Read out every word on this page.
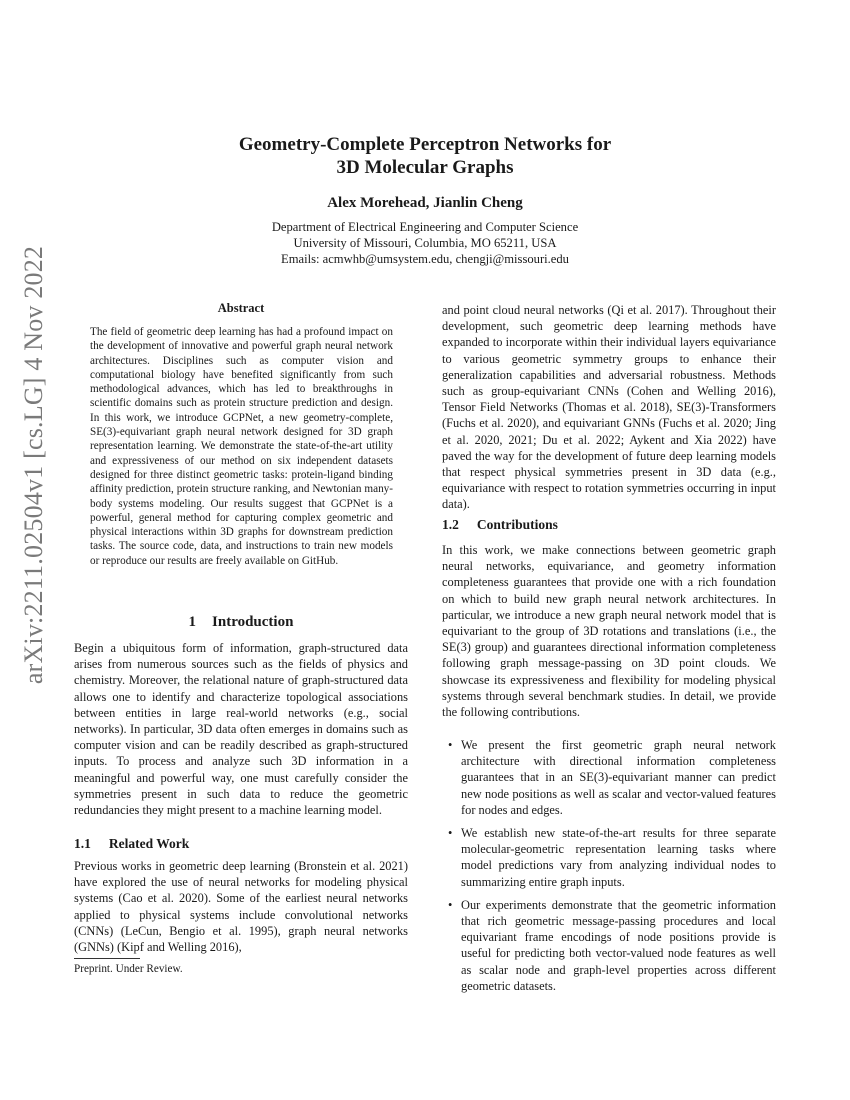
arXiv:2211.02504v1 [cs.LG] 4 Nov 2022
Geometry-Complete Perceptron Networks for
3D Molecular Graphs
Alex Morehead, Jianlin Cheng
Department of Electrical Engineering and Computer Science
University of Missouri, Columbia, MO 65211, USA
Emails: acmwhb@umsystem.edu, chengji@missouri.edu
Abstract
The field of geometric deep learning has had a profound impact on the development of innovative and powerful graph neural network architectures. Disciplines such as computer vision and computational biology have benefited significantly from such methodological advances, which has led to breakthroughs in scientific domains such as protein structure prediction and design. In this work, we introduce GCPNet, a new geometry-complete, SE(3)-equivariant graph neural network designed for 3D graph representation learning. We demonstrate the state-of-the-art utility and expressiveness of our method on six independent datasets designed for three distinct geometric tasks: protein-ligand binding affinity prediction, protein structure ranking, and Newtonian many-body systems modeling. Our results suggest that GCPNet is a powerful, general method for capturing complex geometric and physical interactions within 3D graphs for downstream prediction tasks. The source code, data, and instructions to train new models or reproduce our results are freely available on GitHub.
1 Introduction
Begin a ubiquitous form of information, graph-structured data arises from numerous sources such as the fields of physics and chemistry. Moreover, the relational nature of graph-structured data allows one to identify and characterize topological associations between entities in large real-world networks (e.g., social networks). In particular, 3D data often emerges in domains such as computer vision and can be readily described as graph-structured inputs. To process and analyze such 3D information in a meaningful and powerful way, one must carefully consider the symmetries present in such data to reduce the geometric redundancies they might present to a machine learning model.
1.1 Related Work
Previous works in geometric deep learning (Bronstein et al. 2021) have explored the use of neural networks for modeling physical systems (Cao et al. 2020). Some of the earliest neural networks applied to physical systems include convolutional networks (CNNs) (LeCun, Bengio et al. 1995), graph neural networks (GNNs) (Kipf and Welling 2016),
Preprint. Under Review.
and point cloud neural networks (Qi et al. 2017). Throughout their development, such geometric deep learning methods have expanded to incorporate within their individual layers equivariance to various geometric symmetry groups to enhance their generalization capabilities and adversarial robustness. Methods such as group-equivariant CNNs (Cohen and Welling 2016), Tensor Field Networks (Thomas et al. 2018), SE(3)-Transformers (Fuchs et al. 2020), and equivariant GNNs (Fuchs et al. 2020; Jing et al. 2020, 2021; Du et al. 2022; Aykent and Xia 2022) have paved the way for the development of future deep learning models that respect physical symmetries present in 3D data (e.g., equivariance with respect to rotation symmetries occurring in input data).
1.2 Contributions
In this work, we make connections between geometric graph neural networks, equivariance, and geometry information completeness guarantees that provide one with a rich foundation on which to build new graph neural network architectures. In particular, we introduce a new graph neural network model that is equivariant to the group of 3D rotations and translations (i.e., the SE(3) group) and guarantees directional information completeness following graph message-passing on 3D point clouds. We showcase its expressiveness and flexibility for modeling physical systems through several benchmark studies. In detail, we provide the following contributions.
• We present the first geometric graph neural network architecture with directional information completeness guarantees that in an SE(3)-equivariant manner can predict new node positions as well as scalar and vector-valued features for nodes and edges.
• We establish new state-of-the-art results for three separate molecular-geometric representation learning tasks where model predictions vary from analyzing individual nodes to summarizing entire graph inputs.
• Our experiments demonstrate that the geometric information that rich geometric message-passing procedures and local equivariant frame encodings of node positions provide is useful for predicting both vector-valued node features as well as scalar node and graph-level properties across different geometric datasets.
